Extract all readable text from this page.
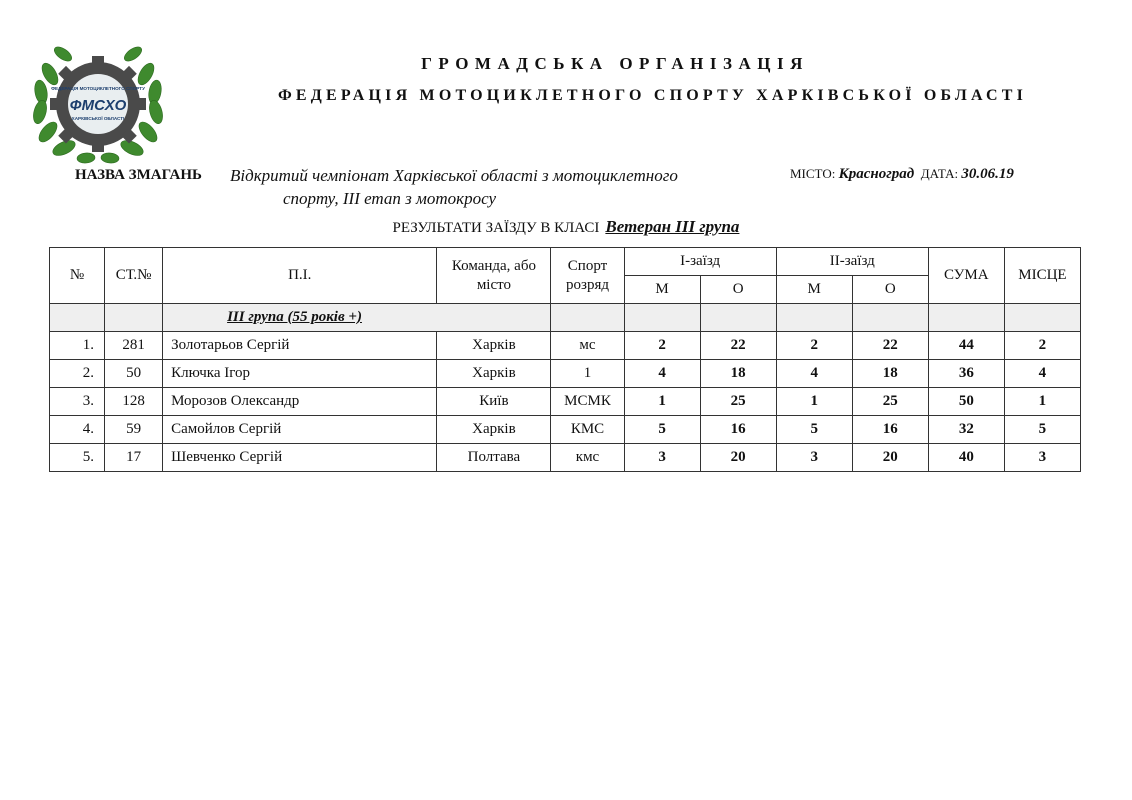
ФЕДЕРАЦІЯ МОТОЦИКЛЕТНОГО СПОРТУ
ФМСХО
ХАРКІВСЬКОЇ ОБЛАСТІ
ГРОМАДСЬКА ОРГАНІЗАЦІЯ
ФЕДЕРАЦІЯ МОТОЦИКЛЕТНОГО СПОРТУ ХАРКІВСЬКОЇ ОБЛАСТІ
НАЗВА ЗМАГАНЬ Відкритий чемпіонат Харківської області з мотоциклетного
спорту, III етап з мотокросу
МІСТО: Красноград ДАТА: 30.06.19
РЕЗУЛЬТАТИ ЗАЇЗДУ В КЛАСІ Ветеран III група
№	СТ.№	П.І.	Команда, або місто	Спорт розряд	І-заїзд		ІІ-заїзд		СУМА	МІСЦЕ
					М	О	М	О		
		III група (55 років +)								
1.	281	Золотарьов Сергій	Харків	мс	2	22	2	22	44	2
2.	50	Ключка Ігор	Харків	1	4	18	4	18	36	4
3.	128	Морозов Олександр	Київ	МСМК	1	25	1	25	50	1
4.	59	Самойлов Сергій	Харків	КМС	5	16	5	16	32	5
5.	17	Шевченко Сергій	Полтава	кмс	3	20	3	20	40	3
